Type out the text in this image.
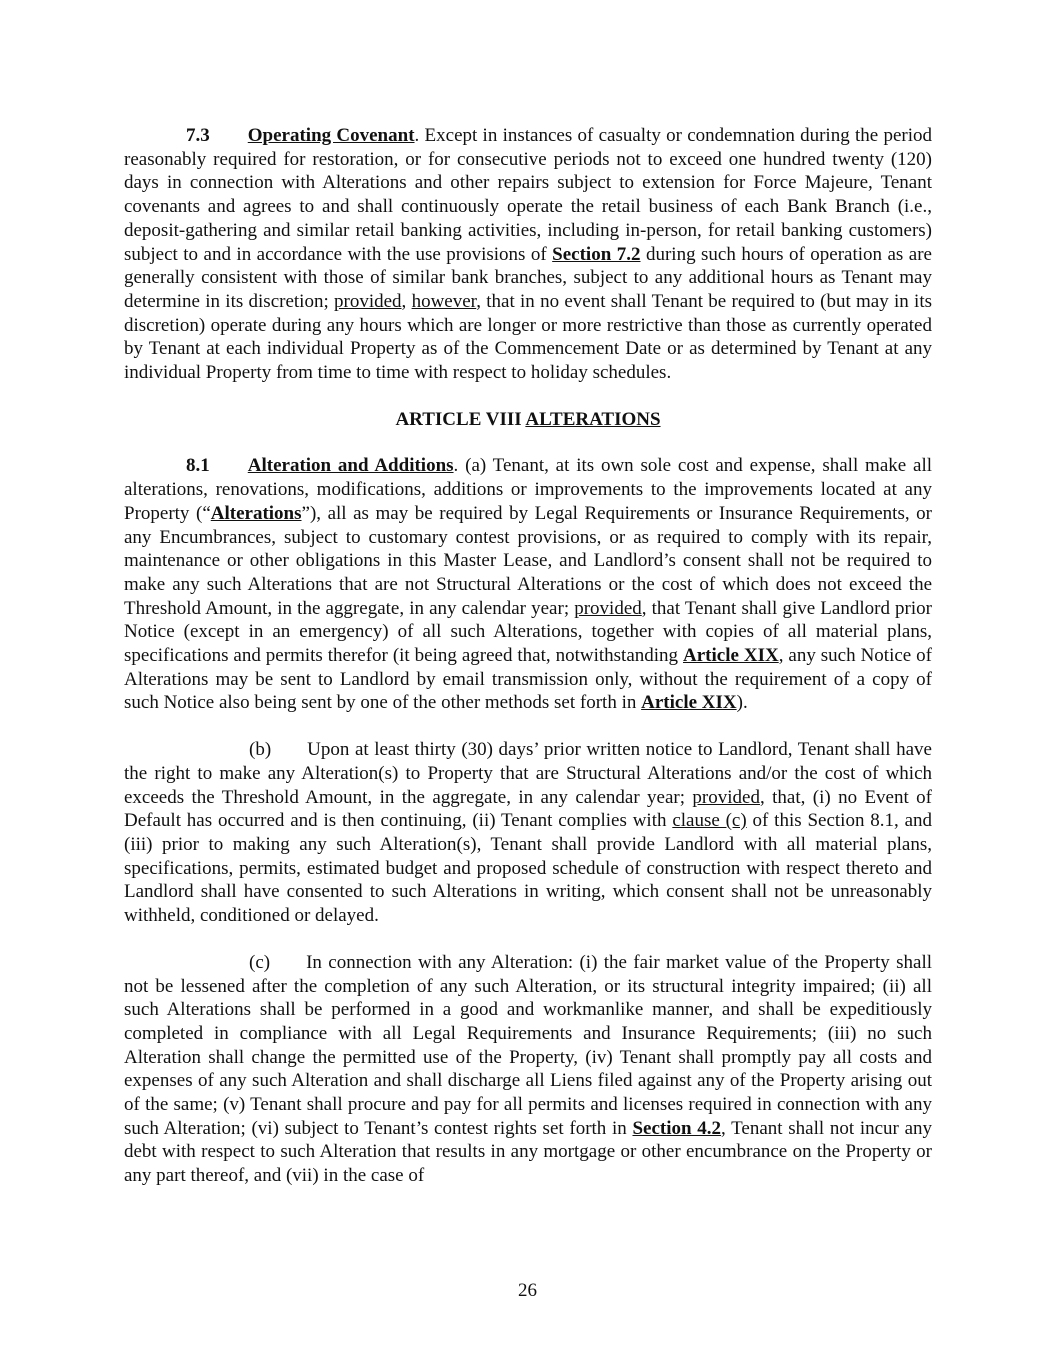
7.3 Operating Covenant. Except in instances of casualty or condemnation during the period reasonably required for restoration, or for consecutive periods not to exceed one hundred twenty (120) days in connection with Alterations and other repairs subject to extension for Force Majeure, Tenant covenants and agrees to and shall continuously operate the retail business of each Bank Branch (i.e., deposit-gathering and similar retail banking activities, including in-person, for retail banking customers) subject to and in accordance with the use provisions of Section 7.2 during such hours of operation as are generally consistent with those of similar bank branches, subject to any additional hours as Tenant may determine in its discretion; provided, however, that in no event shall Tenant be required to (but may in its discretion) operate during any hours which are longer or more restrictive than those as currently operated by Tenant at each individual Property as of the Commencement Date or as determined by Tenant at any individual Property from time to time with respect to holiday schedules.

ARTICLE VIII ALTERATIONS

8.1 Alteration and Additions. (a) Tenant, at its own sole cost and expense, shall make all alterations, renovations, modifications, additions or improvements to the improvements located at any Property (“Alterations”), all as may be required by Legal Requirements or Insurance Requirements, or any Encumbrances, subject to customary contest provisions, or as required to comply with its repair, maintenance or other obligations in this Master Lease, and Landlord’s consent shall not be required to make any such Alterations that are not Structural Alterations or the cost of which does not exceed the Threshold Amount, in the aggregate, in any calendar year; provided, that Tenant shall give Landlord prior Notice (except in an emergency) of all such Alterations, together with copies of all material plans, specifications and permits therefor (it being agreed that, notwithstanding Article XIX, any such Notice of Alterations may be sent to Landlord by email transmission only, without the requirement of a copy of such Notice also being sent by one of the other methods set forth in Article XIX).

(b) Upon at least thirty (30) days’ prior written notice to Landlord, Tenant shall have the right to make any Alteration(s) to Property that are Structural Alterations and/or the cost of which exceeds the Threshold Amount, in the aggregate, in any calendar year; provided, that, (i) no Event of Default has occurred and is then continuing, (ii) Tenant complies with clause (c) of this Section 8.1, and (iii) prior to making any such Alteration(s), Tenant shall provide Landlord with all material plans, specifications, permits, estimated budget and proposed schedule of construction with respect thereto and Landlord shall have consented to such Alterations in writing, which consent shall not be unreasonably withheld, conditioned or delayed.

(c) In connection with any Alteration: (i) the fair market value of the Property shall not be lessened after the completion of any such Alteration, or its structural integrity impaired; (ii) all such Alterations shall be performed in a good and workmanlike manner, and shall be expeditiously completed in compliance with all Legal Requirements and Insurance Requirements; (iii) no such Alteration shall change the permitted use of the Property, (iv) Tenant shall promptly pay all costs and expenses of any such Alteration and shall discharge all Liens filed against any of the Property arising out of the same; (v) Tenant shall procure and pay for all permits and licenses required in connection with any such Alteration; (vi) subject to Tenant’s contest rights set forth in Section 4.2, Tenant shall not incur any debt with respect to such Alteration that results in any mortgage or other encumbrance on the Property or any part thereof, and (vii) in the case of

26
